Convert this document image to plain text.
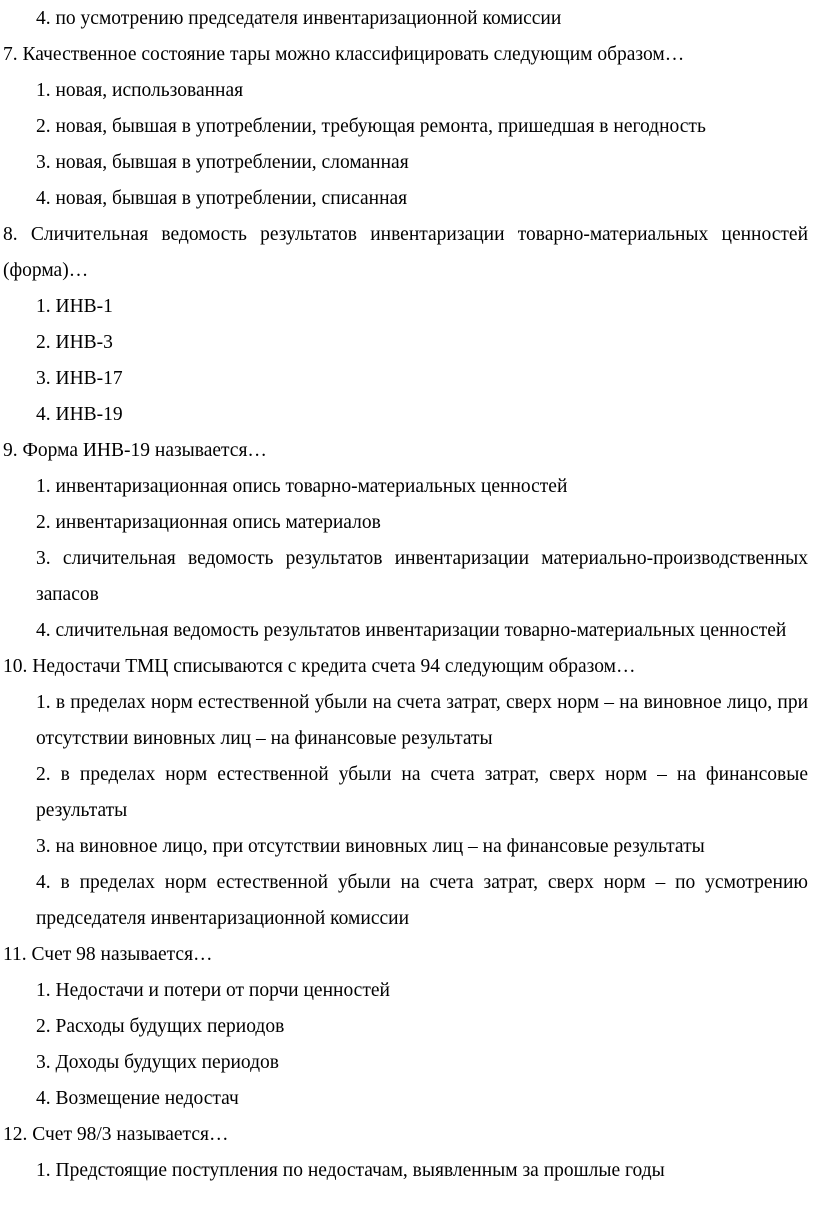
4. по усмотрению председателя инвентаризационной комиссии

7. Качественное состояние тары можно классифицировать следующим образом…

1. новая, использованная

2. новая, бывшая в употреблении, требующая ремонта, пришедшая в негодность

3. новая, бывшая в употреблении, сломанная

4. новая, бывшая в употреблении, списанная

8. Сличительная ведомость результатов инвентаризации товарно-материальных ценностей (форма)…

1. ИНВ-1

2. ИНВ-3

3. ИНВ-17

4. ИНВ-19

9. Форма ИНВ-19 называется…

1. инвентаризационная опись товарно-материальных ценностей

2. инвентаризационная опись материалов

3. сличительная ведомость результатов инвентаризации материально-производственных запасов

4. сличительная ведомость результатов инвентаризации товарно-материальных ценностей

10. Недостачи ТМЦ списываются с кредита счета 94 следующим образом…

1. в пределах норм естественной убыли на счета затрат, сверх норм – на виновное лицо, при отсутствии виновных лиц – на финансовые результаты

2. в пределах норм естественной убыли на счета затрат, сверх норм – на финансовые результаты

3. на виновное лицо, при отсутствии виновных лиц – на финансовые результаты

4. в пределах норм естественной убыли на счета затрат, сверх норм – по усмотрению председателя инвентаризационной комиссии

11. Счет 98 называется…

1. Недостачи и потери от порчи ценностей

2. Расходы будущих периодов

3. Доходы будущих периодов

4. Возмещение недостач

12. Счет 98/3 называется…

1. Предстоящие поступления по недостачам, выявленным за прошлые годы
